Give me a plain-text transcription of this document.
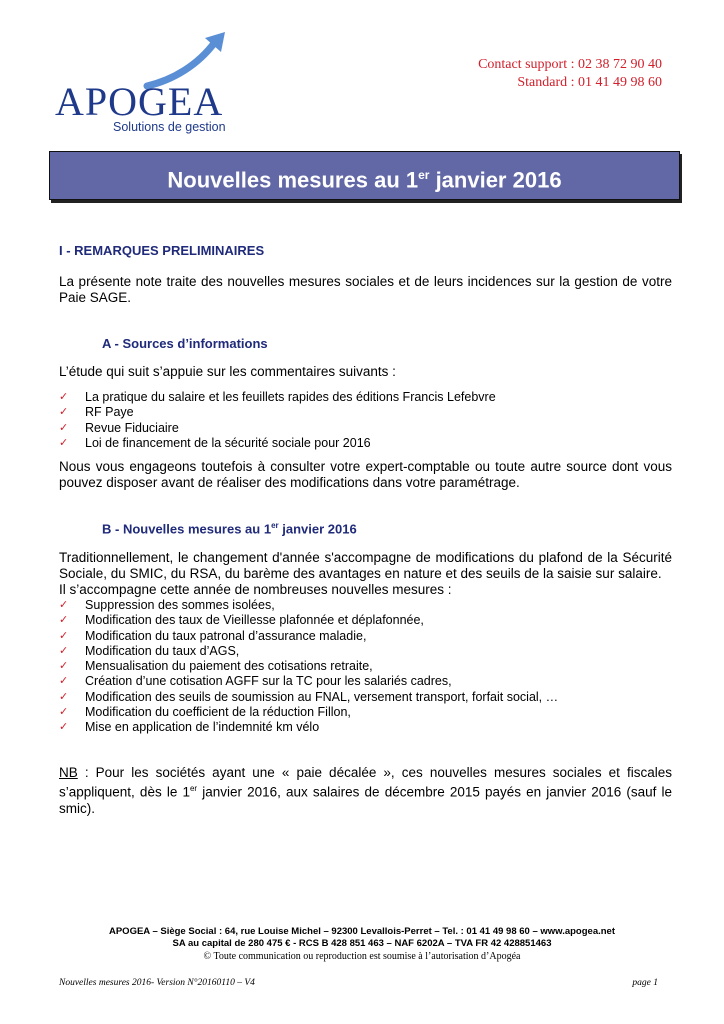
APOGEA
Solutions de gestion
Contact support : 02 38 72 90 40
Standard : 01 41 49 98 60
Nouvelles mesures au 1er janvier 2016
I - REMARQUES PRELIMINAIRES
La présente note traite des nouvelles mesures sociales et de leurs incidences sur la gestion de votre Paie SAGE.
A - Sources d’informations
L’étude qui suit s’appuie sur les commentaires suivants :
✓ La pratique du salaire et les feuillets rapides des éditions Francis Lefebvre
✓ RF Paye
✓ Revue Fiduciaire
✓ Loi de financement de la sécurité sociale pour 2016
Nous vous engageons toutefois à consulter votre expert-comptable ou toute autre source dont vous pouvez disposer avant de réaliser des modifications dans votre paramétrage.
B - Nouvelles mesures au 1er janvier 2016
Traditionnellement, le changement d'année s'accompagne de modifications du plafond de la Sécurité Sociale, du SMIC, du RSA, du barème des avantages en nature et des seuils de la saisie sur salaire.
Il s’accompagne cette année de nombreuses nouvelles mesures :
✓ Suppression des sommes isolées,
✓ Modification des taux de Vieillesse plafonnée et déplafonnée,
✓ Modification du taux patronal d’assurance maladie,
✓ Modification du taux d’AGS,
✓ Mensualisation du paiement des cotisations retraite,
✓ Création d’une cotisation AGFF sur la TC pour les salariés cadres,
✓ Modification des seuils de soumission au FNAL, versement transport, forfait social, …
✓ Modification du coefficient de la réduction Fillon,
✓ Mise en application de l’indemnité km vélo
NB : Pour les sociétés ayant une « paie décalée », ces nouvelles mesures sociales et fiscales s’appliquent, dès le 1er janvier 2016, aux salaires de décembre 2015 payés en janvier 2016 (sauf le smic).
APOGEA – Siège Social : 64, rue Louise Michel – 92300 Levallois-Perret – Tel. : 01 41 49 98 60 – www.apogea.net
SA au capital de 280 475 € - RCS B 428 851 463 – NAF 6202A – TVA FR 42 428851463
© Toute communication ou reproduction est soumise à l’autorisation d’Apogéa
Nouvelles mesures 2016- Version N°20160110 – V4	page 1
